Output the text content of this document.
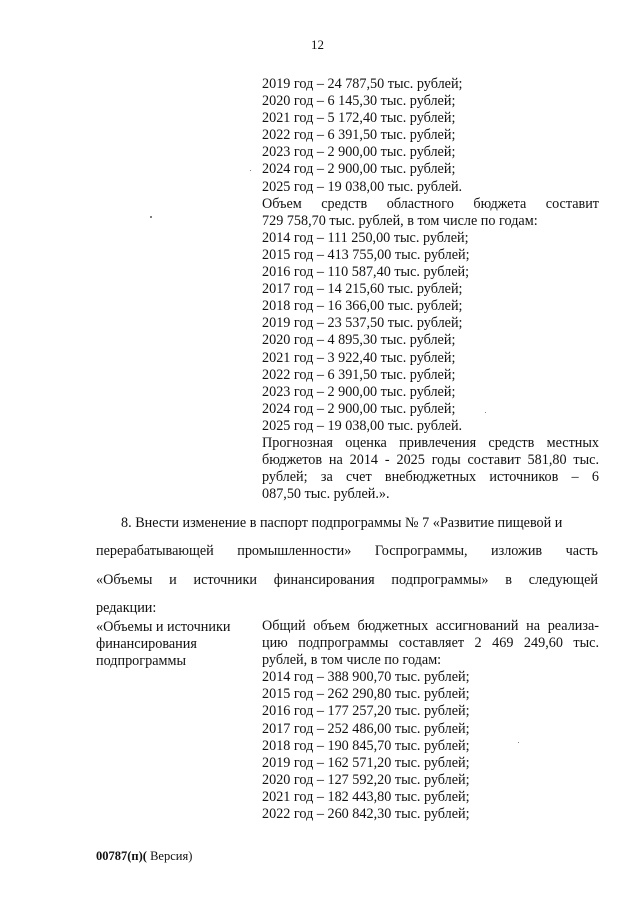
12
2019 год – 24 787,50 тыс. рублей;
2020 год – 6 145,30 тыс. рублей;
2021 год – 5 172,40 тыс. рублей;
2022 год – 6 391,50 тыс. рублей;
2023 год – 2 900,00 тыс. рублей;
2024 год – 2 900,00 тыс. рублей;
2025 год – 19 038,00 тыс. рублей.
Объем средств областного бюджета составит
729 758,70 тыс. рублей, в том числе по годам:
2014 год – 111 250,00 тыс. рублей;
2015 год – 413 755,00 тыс. рублей;
2016 год – 110 587,40 тыс. рублей;
2017 год – 14 215,60 тыс. рублей;
2018 год – 16 366,00 тыс. рублей;
2019 год – 23 537,50 тыс. рублей;
2020 год – 4 895,30 тыс. рублей;
2021 год – 3 922,40 тыс. рублей;
2022 год – 6 391,50 тыс. рублей;
2023 год – 2 900,00 тыс. рублей;
2024 год – 2 900,00 тыс. рублей;
2025 год – 19 038,00 тыс. рублей.
Прогнозная оценка привлечения средств местных
бюджетов на 2014 - 2025 годы составит 581,80 тыс.
рублей; за счет внебюджетных источников – 6
087,50 тыс. рублей.».
8. Внести изменение в паспорт подпрограммы № 7 «Развитие пищевой и
перерабатывающей промышленности» Госпрограммы, изложив часть
«Объемы и источники финансирования подпрограммы» в следующей
редакции:
«Объемы и источники
финансирования
подпрограммы
Общий объем бюджетных ассигнований на реализа-
цию подпрограммы составляет 2 469 249,60 тыс.
рублей, в том числе по годам:
2014 год – 388 900,70 тыс. рублей;
2015 год – 262 290,80 тыс. рублей;
2016 год – 177 257,20 тыс. рублей;
2017 год – 252 486,00 тыс. рублей;
2018 год – 190 845,70 тыс. рублей;
2019 год – 162 571,20 тыс. рублей;
2020 год – 127 592,20 тыс. рублей;
2021 год – 182 443,80 тыс. рублей;
2022 год – 260 842,30 тыс. рублей;
00787(п)( Версия)
